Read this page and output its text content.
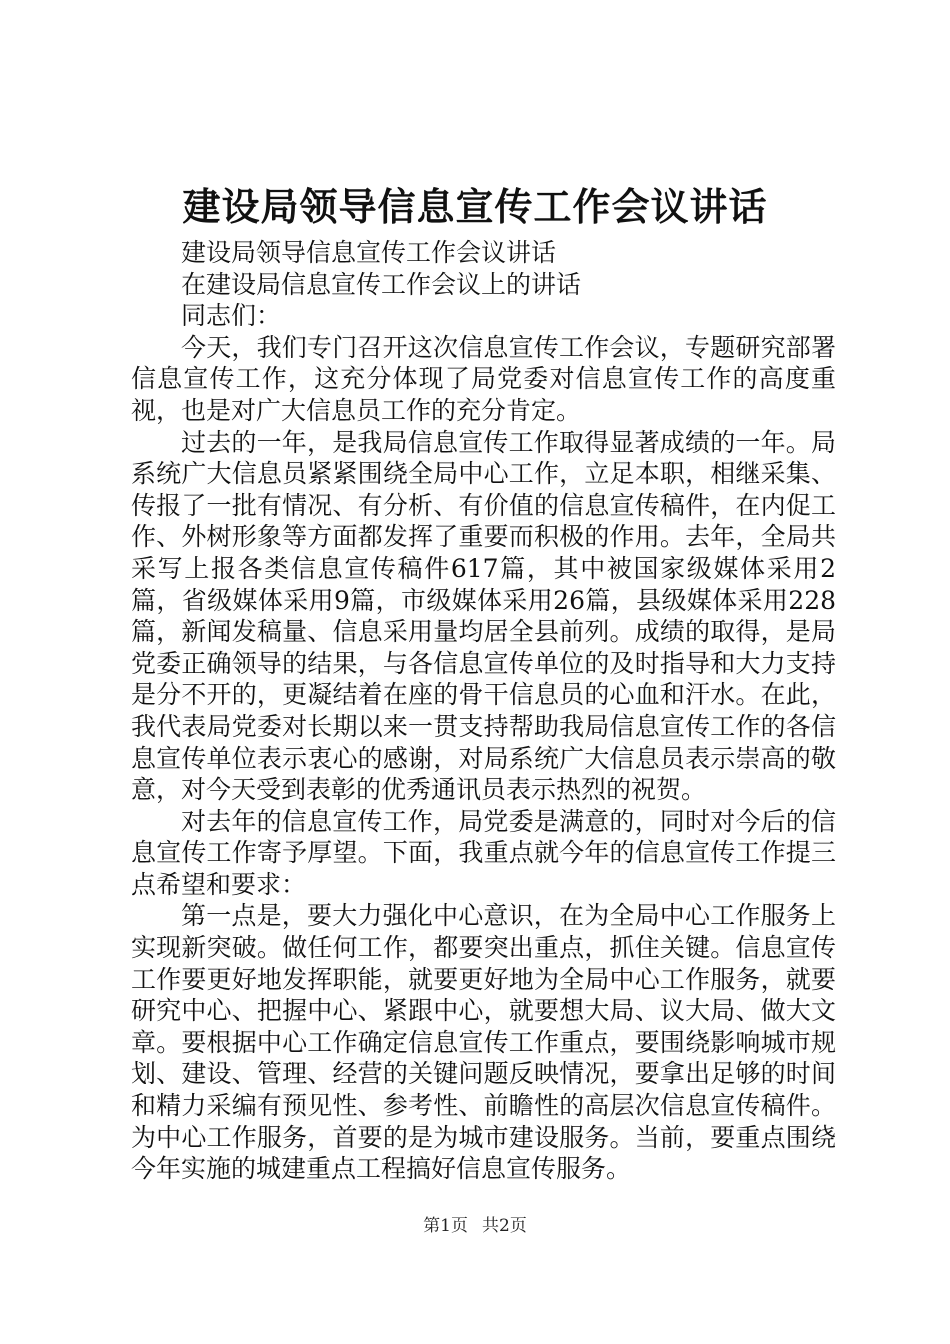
建设局领导信息宣传工作会议讲话

建设局领导信息宣传工作会议讲话

在建设局信息宣传工作会议上的讲话

同志们：

今天，我们专门召开这次信息宣传工作会议，专题研究部署信息宣传工作，这充分体现了局党委对信息宣传工作的高度重视，也是对广大信息员工作的充分肯定。

过去的一年，是我局信息宣传工作取得显著成绩的一年。局系统广大信息员紧紧围绕全局中心工作，立足本职，相继采集、传报了一批有情况、有分析、有价值的信息宣传稿件，在内促工作、外树形象等方面都发挥了重要而积极的作用。去年，全局共采写上报各类信息宣传稿件617篇，其中被国家级媒体采用2篇，省级媒体采用9篇，市级媒体采用26篇，县级媒体采用228篇，新闻发稿量、信息采用量均居全县前列。成绩的取得，是局党委正确领导的结果，与各信息宣传单位的及时指导和大力支持是分不开的，更凝结着在座的骨干信息员的心血和汗水。在此，我代表局党委对长期以来一贯支持帮助我局信息宣传工作的各信息宣传单位表示衷心的感谢，对局系统广大信息员表示崇高的敬意，对今天受到表彰的优秀通讯员表示热烈的祝贺。

对去年的信息宣传工作，局党委是满意的，同时对今后的信息宣传工作寄予厚望。下面，我重点就今年的信息宣传工作提三点希望和要求：

第一点是，要大力强化中心意识，在为全局中心工作服务上实现新突破。做任何工作，都要突出重点，抓住关键。信息宣传工作要更好地发挥职能，就要更好地为全局中心工作服务，就要研究中心、把握中心、紧跟中心，就要想大局、议大局、做大文章。要根据中心工作确定信息宣传工作重点，要围绕影响城市规划、建设、管理、经营的关键问题反映情况，要拿出足够的时间和精力采编有预见性、参考性、前瞻性的高层次信息宣传稿件。为中心工作服务，首要的是为城市建设服务。当前，要重点围绕今年实施的城建重点工程搞好信息宣传服务。

第1页 共2页
